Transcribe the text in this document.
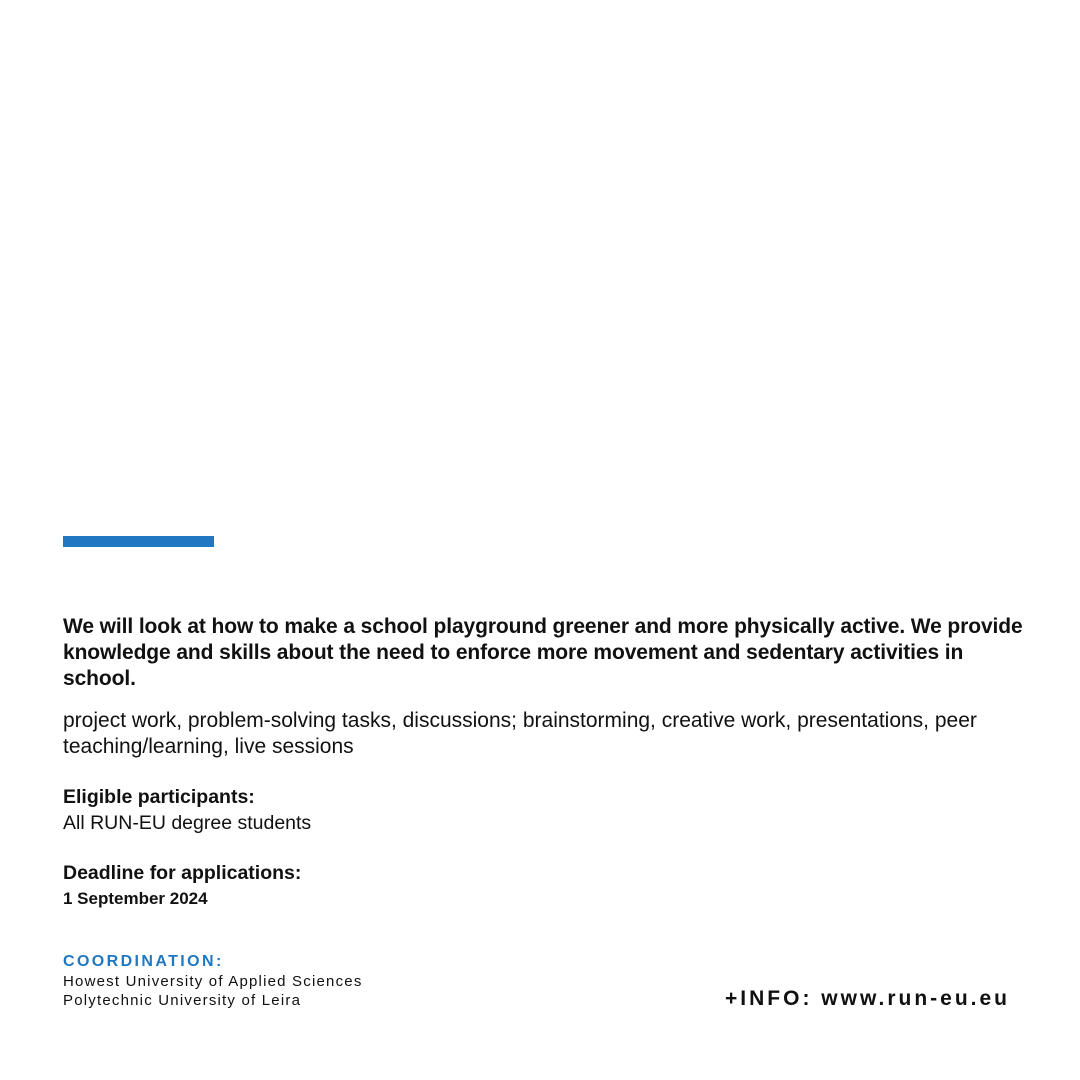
We will look at how to make a school playground greener and more physically active. We provide knowledge and skills about the need to enforce more movement and sedentary activities in school.

project work, problem-solving tasks, discussions; brainstorming, creative work, presentations, peer teaching/learning, live sessions

Eligible participants:

All RUN-EU degree students

Deadline for applications:

1 September 2024

COORDINATION:
Howest University of Applied Sciences
Polytechnic University of Leira	+INFO: www.run-eu.eu
